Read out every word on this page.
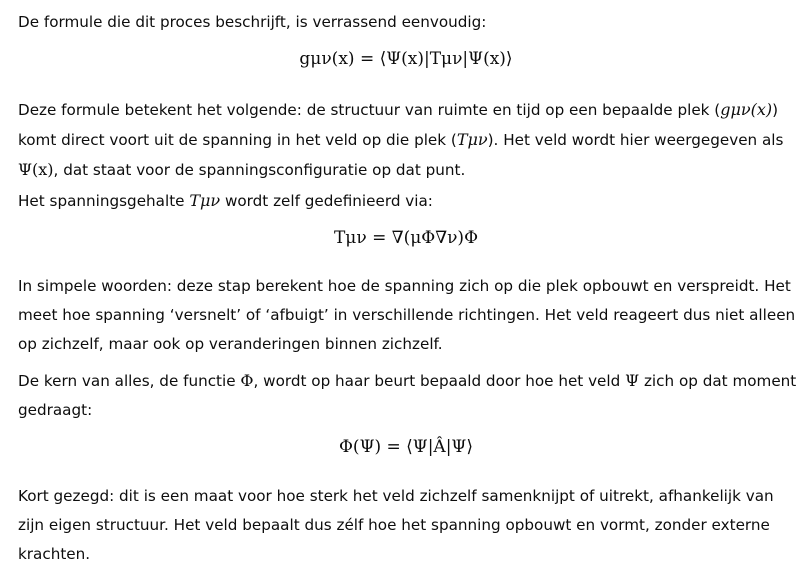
De formule die dit proces beschrijft, is verrassend eenvoudig:

gμν(x) = ⟨Ψ(x)|Tμν|Ψ(x)⟩

Deze formule betekent het volgende: de structuur van ruimte en tijd op een bepaalde plek (gμν(x)) komt direct voort uit de spanning in het veld op die plek (Tμν). Het veld wordt hier weergegeven als Ψ(x), dat staat voor de spanningsconfiguratie op dat punt.

Het spanningsgehalte Tμν wordt zelf gedefinieerd via:

Tμν = ∇(μΦ∇ν)Φ

In simpele woorden: deze stap berekent hoe de spanning zich op die plek opbouwt en verspreidt. Het meet hoe spanning ‘versnelt’ of ‘afbuigt’ in verschillende richtingen. Het veld reageert dus niet alleen op zichzelf, maar ook op veranderingen binnen zichzelf.

De kern van alles, de functie Φ, wordt op haar beurt bepaald door hoe het veld Ψ zich op dat moment gedraagt:

Φ(Ψ) = ⟨Ψ|Â|Ψ⟩

Kort gezegd: dit is een maat voor hoe sterk het veld zichzelf samenknijpt of uitrekt, afhankelijk van zijn eigen structuur. Het veld bepaalt dus zélf hoe het spanning opbouwt en vormt, zonder externe krachten.
